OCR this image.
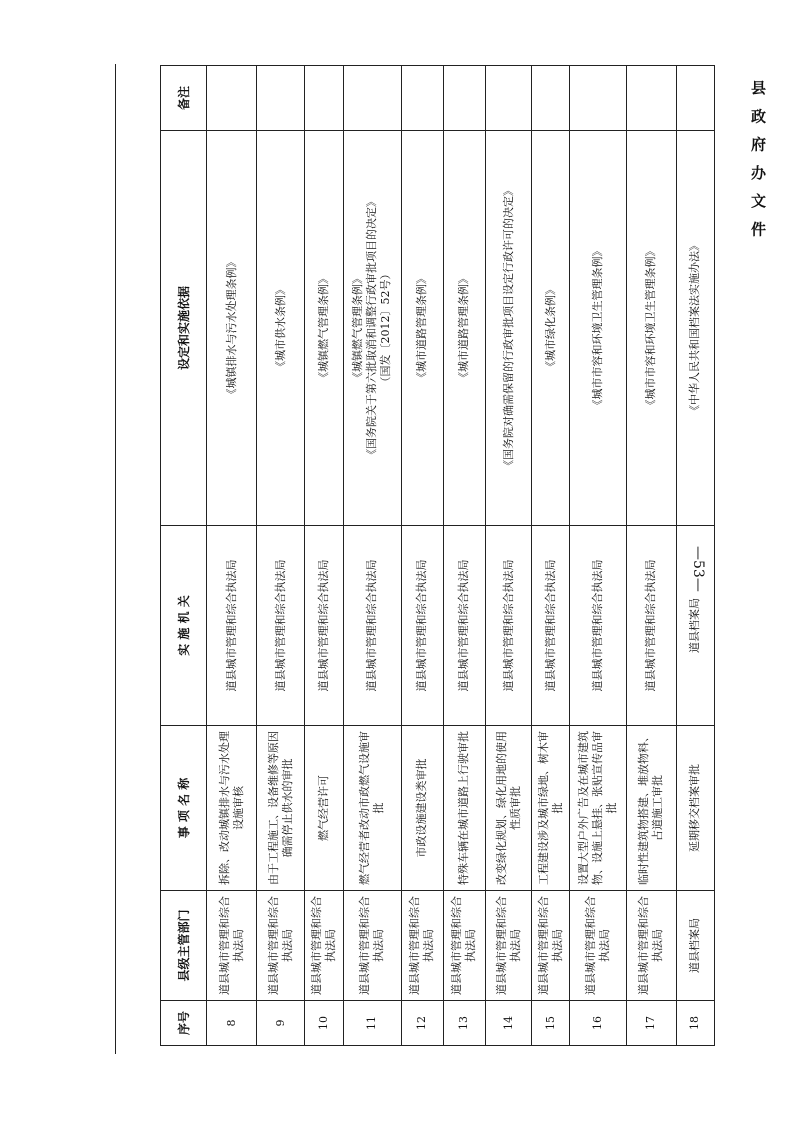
县 政 府 办 文 件
—53—
序号	县级主管部门	事 项 名 称	实 施 机 关	设定和实施依据	备注
8	道县城市管理和综合执法局	拆除、改动城镇排水与污水处理设施审核	道县城市管理和综合执法局	《城镇排水与污水处理条例》	

9	道县城市管理和综合执法局	由于工程施工、设备维修等原因确需停止供水的审批	道县城市管理和综合执法局	《城市供水条例》	

10	道县城市管理和综合执法局	燃气经营许可	道县城市管理和综合执法局	《城镇燃气管理条例》	

11	道县城市管理和综合执法局	燃气经营者改动市政燃气设施审批	道县城市管理和综合执法局	《城镇燃气管理条例》 《国务院关于第六批取消和调整行政审批项目的决定》 （国发〔2012〕52号）	

12	道县城市管理和综合执法局	市政设施建设类审批	道县城市管理和综合执法局	《城市道路管理条例》	

13	道县城市管理和综合执法局	特殊车辆在城市道路上行驶审批	道县城市管理和综合执法局	《城市道路管理条例》	

14	道县城市管理和综合执法局	改变绿化规划、绿化用地的使用性质审批	道县城市管理和综合执法局	《国务院对确需保留的行政审批项目设定行政许可的决定》	

15	道县城市管理和综合执法局	工程建设涉及城市绿地、树木审批	道县城市管理和综合执法局	《城市绿化条例》	

16	道县城市管理和综合执法局	设置大型户外广告及在城市建筑物、设施上悬挂、张贴宣传品审批	道县城市管理和综合执法局	《城市市容和环境卫生管理条例》	

17	道县城市管理和综合执法局	临时性建筑物搭建、堆放物料、占道施工审批	道县城市管理和综合执法局	《城市市容和环境卫生管理条例》	

18	道县档案局	延期移交档案审批	道县档案局	《中华人民共和国档案法实施办法》	
